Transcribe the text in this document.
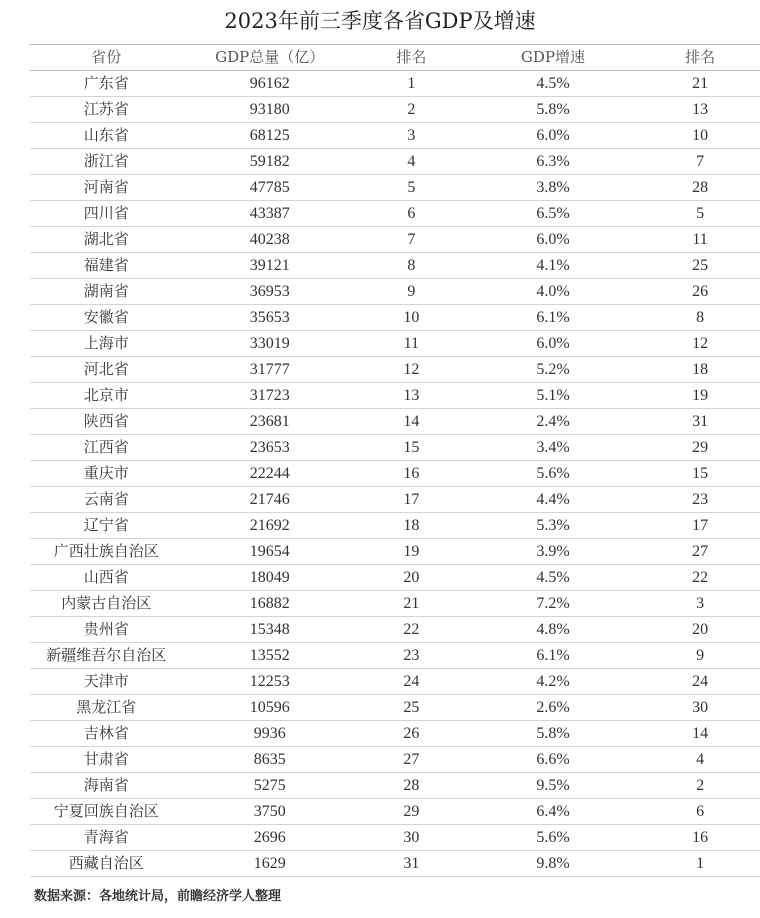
2023年前三季度各省GDP及增速
省份	GDP总量（亿）	排名	GDP增速	排名
广东省	96162	1	4.5%	21
江苏省	93180	2	5.8%	13
山东省	68125	3	6.0%	10
浙江省	59182	4	6.3%	7
河南省	47785	5	3.8%	28
四川省	43387	6	6.5%	5
湖北省	40238	7	6.0%	11
福建省	39121	8	4.1%	25
湖南省	36953	9	4.0%	26
安徽省	35653	10	6.1%	8
上海市	33019	11	6.0%	12
河北省	31777	12	5.2%	18
北京市	31723	13	5.1%	19
陕西省	23681	14	2.4%	31
江西省	23653	15	3.4%	29
重庆市	22244	16	5.6%	15
云南省	21746	17	4.4%	23
辽宁省	21692	18	5.3%	17
广西壮族自治区	19654	19	3.9%	27
山西省	18049	20	4.5%	22
内蒙古自治区	16882	21	7.2%	3
贵州省	15348	22	4.8%	20
新疆维吾尔自治区	13552	23	6.1%	9
天津市	12253	24	4.2%	24
黑龙江省	10596	25	2.6%	30
吉林省	9936	26	5.8%	14
甘肃省	8635	27	6.6%	4
海南省	5275	28	9.5%	2
宁夏回族自治区	3750	29	6.4%	6
青海省	2696	30	5.6%	16
西藏自治区	1629	31	9.8%	1
数据来源：各地统计局，前瞻经济学人整理
